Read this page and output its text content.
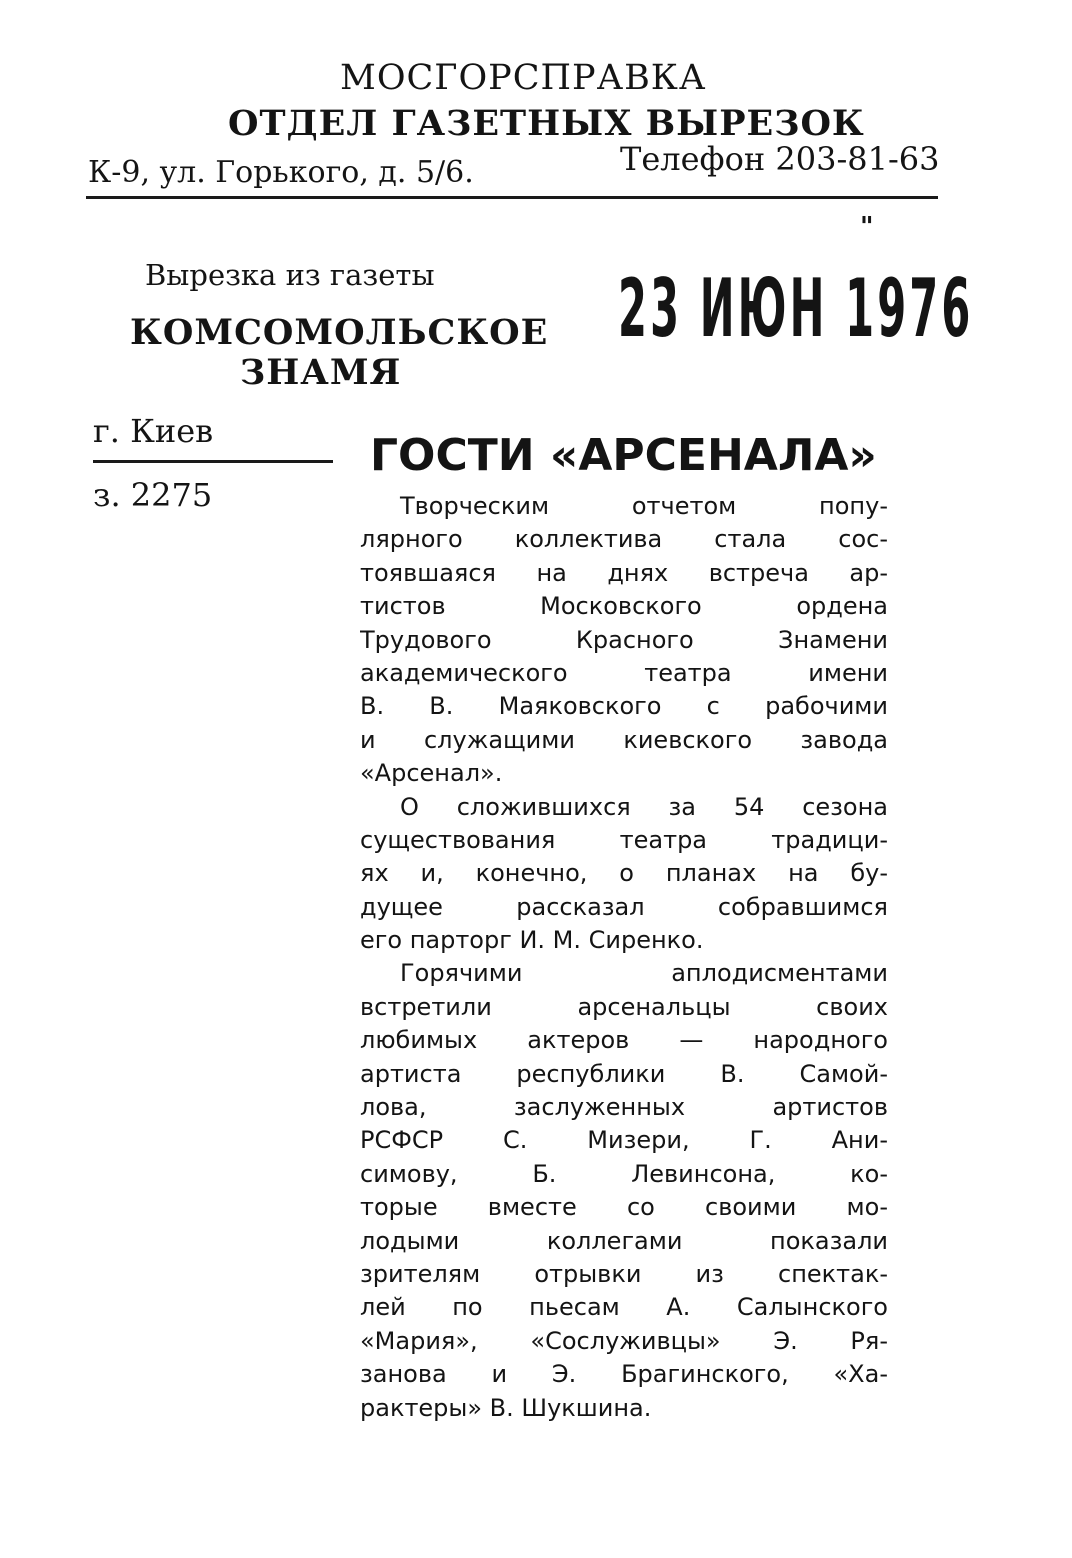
МОСГОРСПРАВКА
ОТДЕЛ ГАЗЕТНЫХ ВЫРЕЗОК
К-9, ул. Горького, д. 5/6.	Телефон 203-81-63
"
Вырезка из газеты
КОМСОМОЛЬСКОЕ
ЗНАМЯ
23 ИЮН 1976
г. Киев
з. 2275
ГОСТИ «АРСЕНАЛА»
Творческим отчетом попу-
лярного коллектива стала сос-
тоявшаяся на днях встреча ар-
тистов Московского ордена
Трудового Красного Знамени
академического театра имени
В. В. Маяковского с рабочими
и служащими киевского завода
«Арсенал».
О сложившихся за 54 сезона
существования театра традици-
ях и, конечно, о планах на бу-
дущее рассказал собравшимся
его парторг И. М. Сиренко.
Горячими аплодисментами
встретили арсенальцы своих
любимых актеров — народного
артиста республики В. Самой-
лова, заслуженных артистов
РСФСР С. Мизери, Г. Ани-
симову, Б. Левинсона, ко-
торые вместе со своими мо-
лодыми коллегами показали
зрителям отрывки из спектак-
лей по пьесам А. Салынского
«Мария», «Сослуживцы» Э. Ря-
занова и Э. Брагинского, «Ха-
рактеры» В. Шукшина.
